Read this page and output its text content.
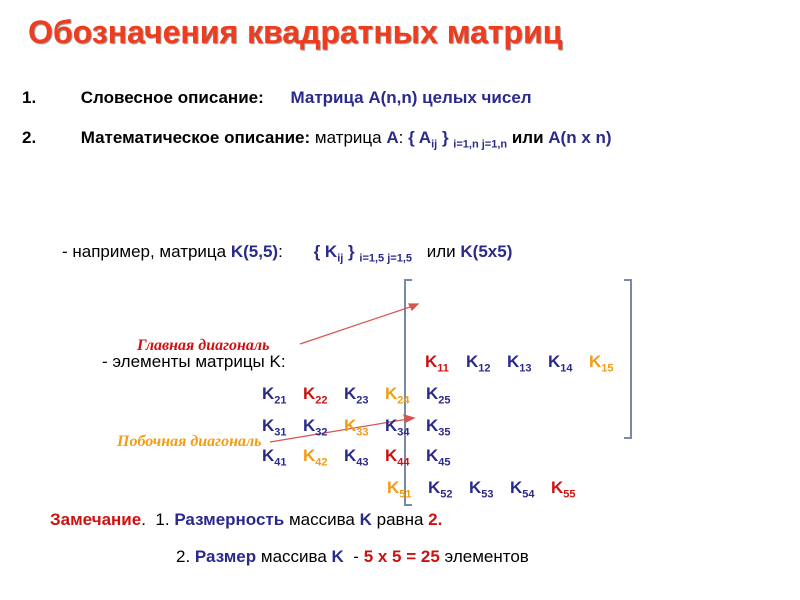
Обозначения квадратных матриц
1.	Словесное описание: Матрица A(n,n) целых чисел
2.	Математическое описание: матрица A: { $A_{ij}$ } $_{i=1,n j=1,n}$ или A(n x n)
- например, матрица K(5,5): { $K_{ij}$ } $_{i=1,5 j=1,5}$ или K(5x5)
- элементы матрицы K:	$K_{11}$ $K_{12}$ $K_{13}$ $K_{14}$ $K_{15}$
$K_{21}$ $K_{22}$ $K_{23}$ $K_{24}$ $K_{25}$
$K_{31}$ $K_{32}$ $K_{33}$ $K_{34}$ $K_{35}$
$K_{41}$ $K_{42}$ $K_{43}$ $K_{44}$ $K_{45}$
$K_{51}$ $K_{52}$ $K_{53}$ $K_{54}$ $K_{55}$
Главная диагональ
Побочная диагональ
Замечание.  1. Размерность массива K равна 2.
2. Размер массива K - 5 x 5 = 25 элементов
